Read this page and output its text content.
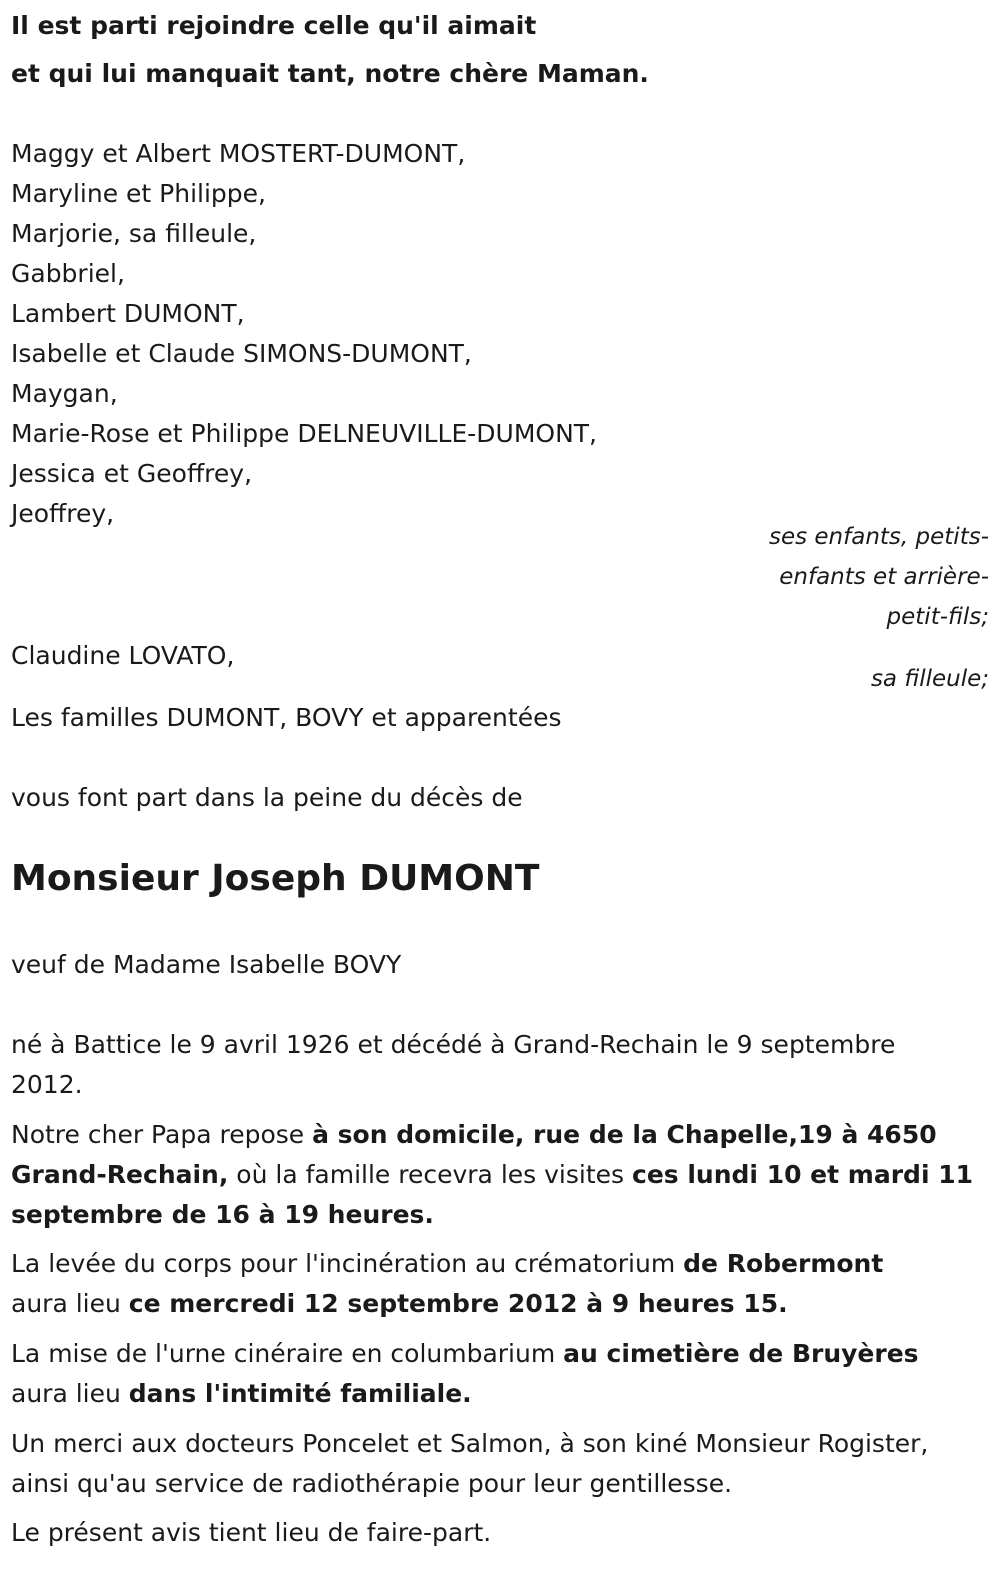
Il est parti rejoindre celle qu'il aimait
et qui lui manquait tant, notre chère Maman.
Maggy et Albert MOSTERT-DUMONT,
Maryline et Philippe,
Marjorie, sa filleule,
Gabbriel,
Lambert DUMONT,
Isabelle et Claude SIMONS-DUMONT,
Maygan,
Marie-Rose et Philippe DELNEUVILLE-DUMONT,
Jessica et Geoffrey,
Jeoffrey,
ses enfants, petits-
enfants et arrière-
petit-fils;
Claudine LOVATO,
sa filleule;
Les familles DUMONT, BOVY et apparentées
vous font part dans la peine du décès de
Monsieur Joseph DUMONT
veuf de Madame Isabelle BOVY
né à Battice le 9 avril 1926 et décédé à Grand-Rechain le 9 septembre
2012.
Notre cher Papa repose à son domicile, rue de la Chapelle,19 à 4650
Grand-Rechain, où la famille recevra les visites ces lundi 10 et mardi 11
septembre de 16 à 19 heures.
La levée du corps pour l'incinération au crématorium de Robermont
aura lieu ce mercredi 12 septembre 2012 à 9 heures 15.
La mise de l'urne cinéraire en columbarium au cimetière de Bruyères
aura lieu dans l'intimité familiale.
Un merci aux docteurs Poncelet et Salmon, à son kiné Monsieur Rogister,
ainsi qu'au service de radiothérapie pour leur gentillesse.
Le présent avis tient lieu de faire-part.
